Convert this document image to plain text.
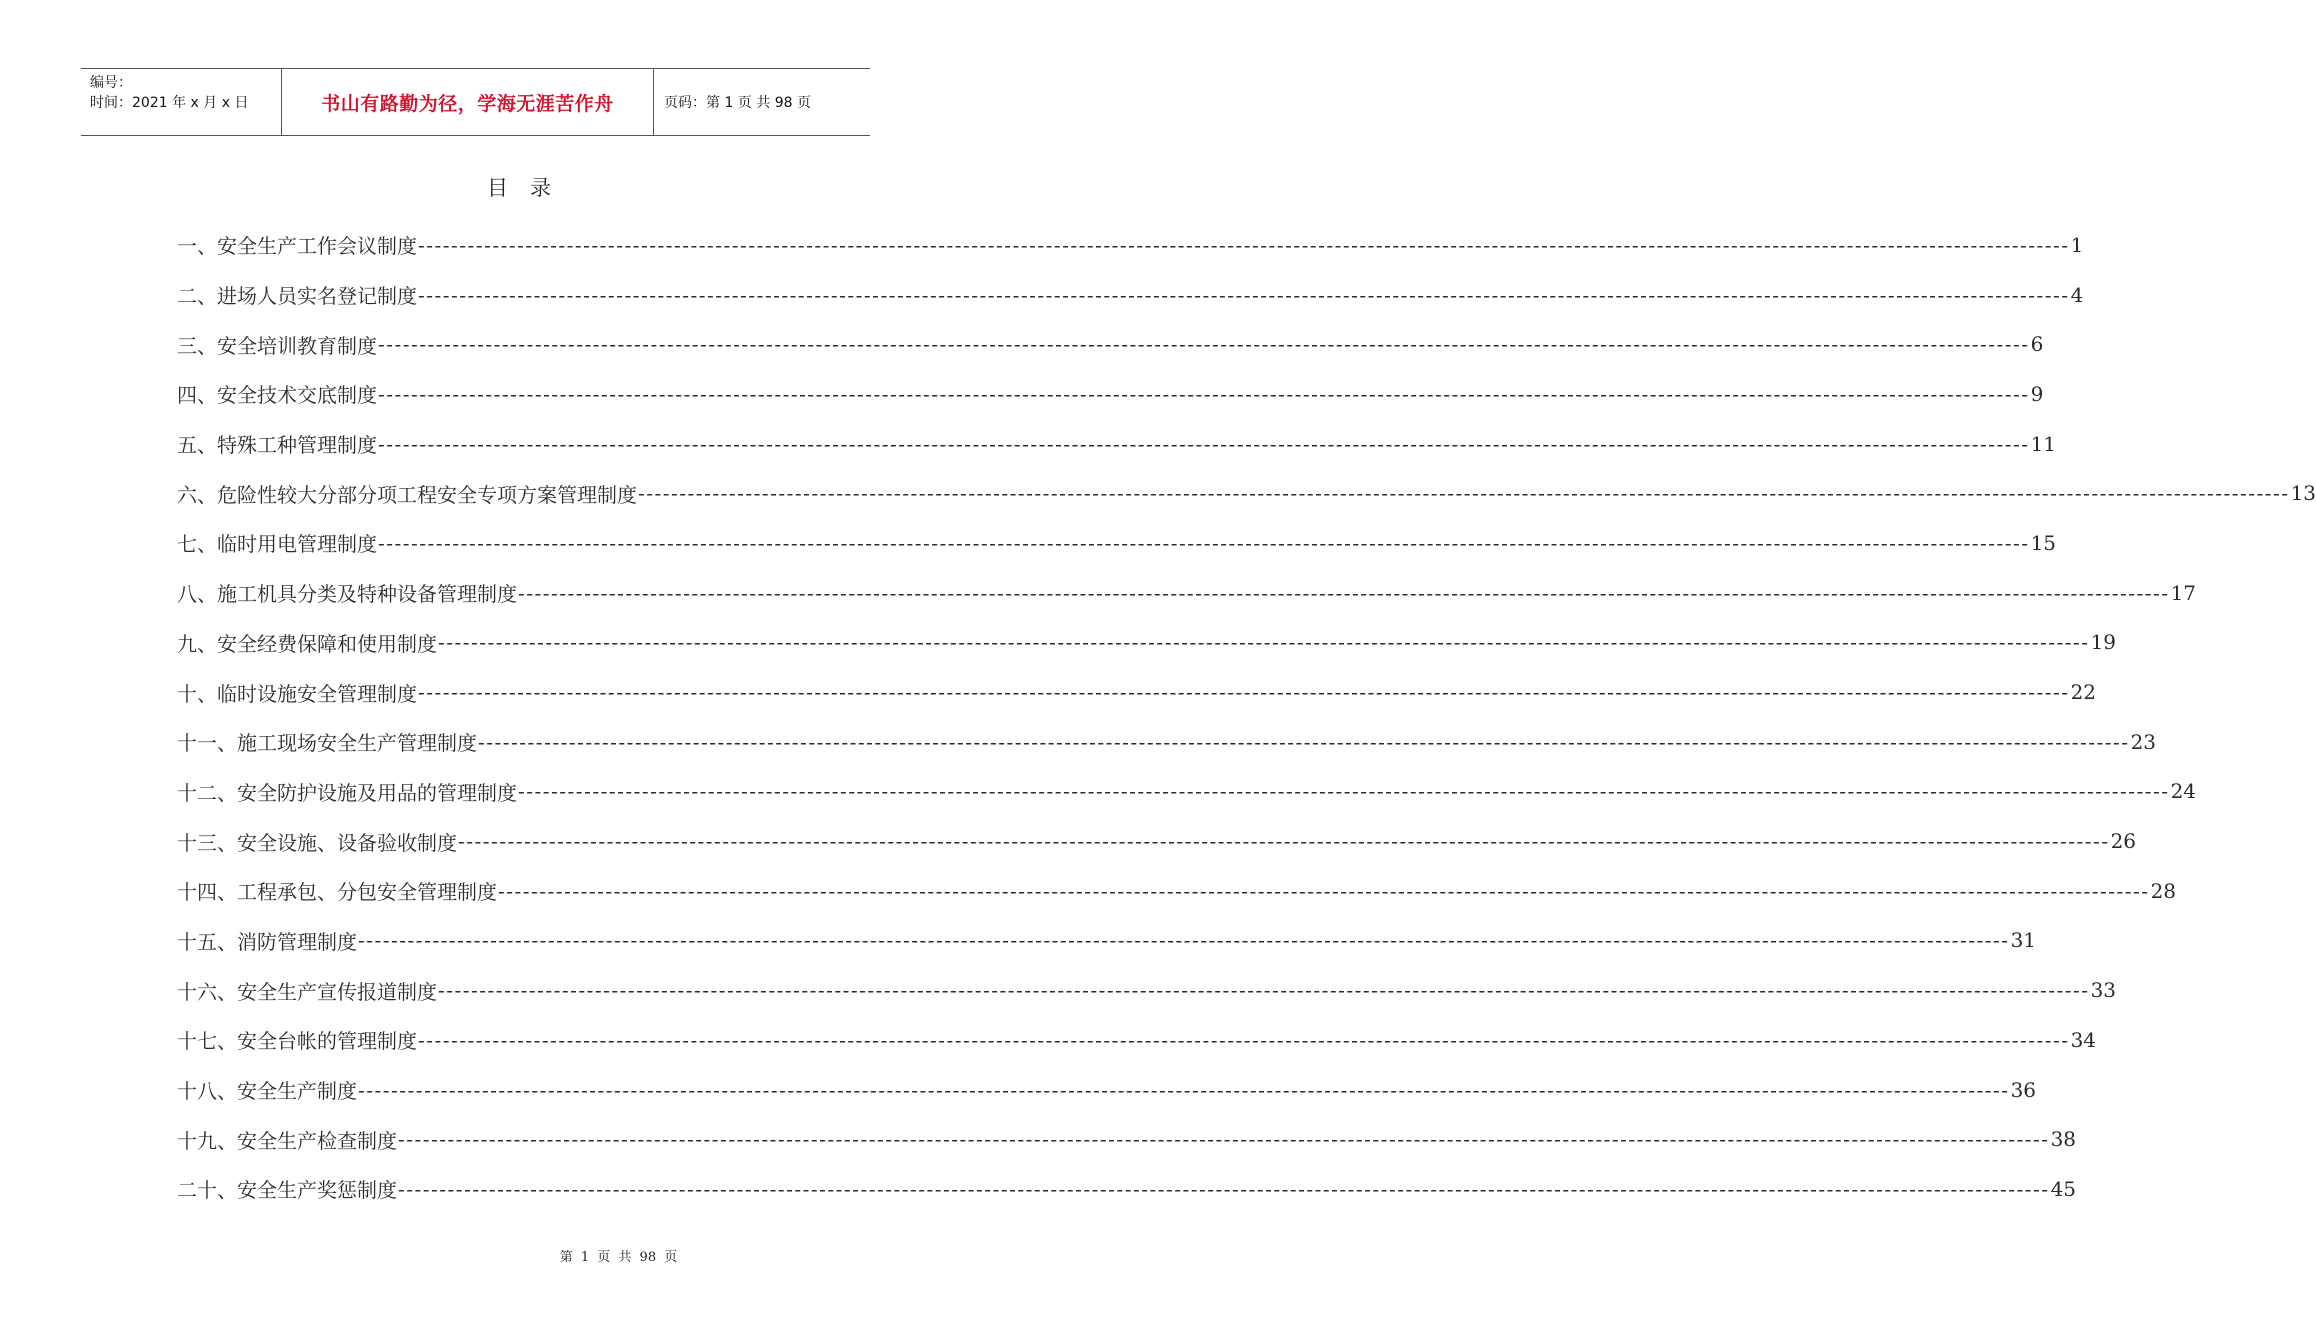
编号：
时间：2021 年 x 月 x 日	书山有路勤为径，学海无涯苦作舟	页码：第 1 页 共 98 页
目录
一、安全生产工作会议制度 -------------------------------------------------------------------------------------------------------------------------------------------------------------------------------------------------------- 1
二、进场人员实名登记制度 -------------------------------------------------------------------------------------------------------------------------------------------------------------------------------------------------------- 4
三、安全培训教育制度 -------------------------------------------------------------------------------------------------------------------------------------------------------------------------------------------------------- 6
四、安全技术交底制度 -------------------------------------------------------------------------------------------------------------------------------------------------------------------------------------------------------- 9
五、特殊工种管理制度 -------------------------------------------------------------------------------------------------------------------------------------------------------------------------------------------------------- 11
六、危险性较大分部分项工程安全专项方案管理制度 -------------------------------------------------------------------------------------------------------------------------------------------------------------------------------------------------------- 13
七、临时用电管理制度 -------------------------------------------------------------------------------------------------------------------------------------------------------------------------------------------------------- 15
八、施工机具分类及特种设备管理制度 -------------------------------------------------------------------------------------------------------------------------------------------------------------------------------------------------------- 17
九、安全经费保障和使用制度 -------------------------------------------------------------------------------------------------------------------------------------------------------------------------------------------------------- 19
十、临时设施安全管理制度 -------------------------------------------------------------------------------------------------------------------------------------------------------------------------------------------------------- 22
十一、施工现场安全生产管理制度 -------------------------------------------------------------------------------------------------------------------------------------------------------------------------------------------------------- 23
十二、安全防护设施及用品的管理制度 -------------------------------------------------------------------------------------------------------------------------------------------------------------------------------------------------------- 24
十三、安全设施、设备验收制度 -------------------------------------------------------------------------------------------------------------------------------------------------------------------------------------------------------- 26
十四、工程承包、分包安全管理制度 -------------------------------------------------------------------------------------------------------------------------------------------------------------------------------------------------------- 28
十五、消防管理制度 -------------------------------------------------------------------------------------------------------------------------------------------------------------------------------------------------------- 31
十六、安全生产宣传报道制度 -------------------------------------------------------------------------------------------------------------------------------------------------------------------------------------------------------- 33
十七、安全台帐的管理制度 -------------------------------------------------------------------------------------------------------------------------------------------------------------------------------------------------------- 34
十八、安全生产制度 -------------------------------------------------------------------------------------------------------------------------------------------------------------------------------------------------------- 36
十九、安全生产检查制度 -------------------------------------------------------------------------------------------------------------------------------------------------------------------------------------------------------- 38
二十、安全生产奖惩制度 -------------------------------------------------------------------------------------------------------------------------------------------------------------------------------------------------------- 45
第 1 页 共 98 页
